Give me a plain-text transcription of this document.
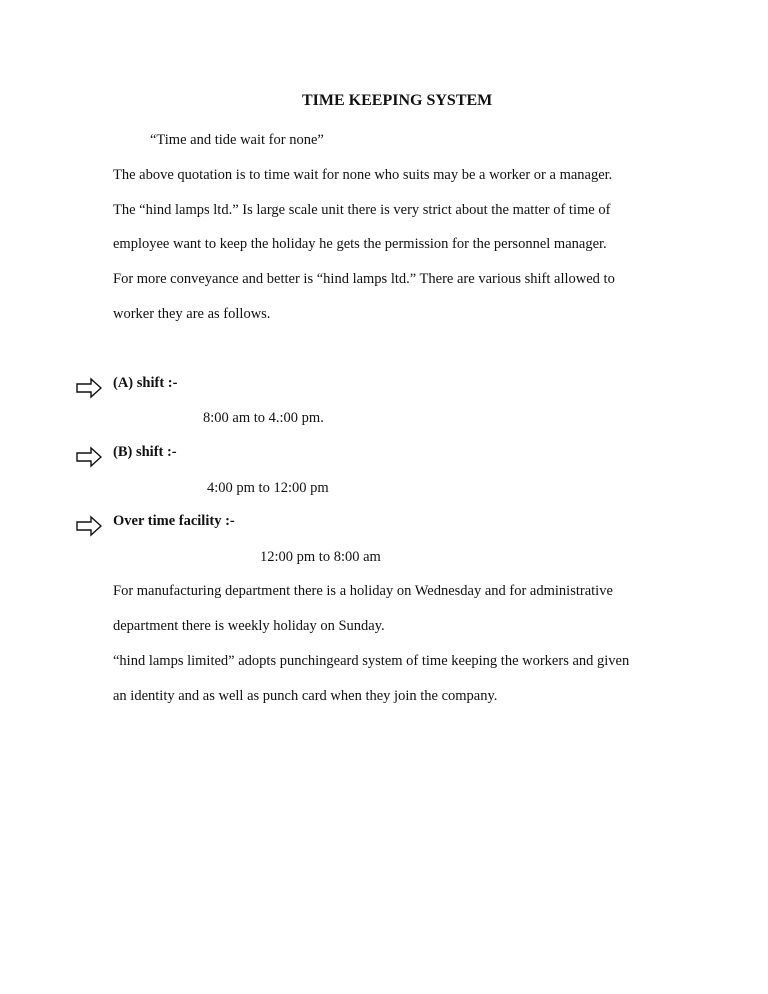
TIME KEEPING SYSTEM
“Time and tide wait for none”
The above quotation is to time wait for none who suits may be a worker or a manager.
The “hind lamps ltd.” Is large scale unit there is very strict about the matter of time of
employee want to keep the holiday he gets the permission for the personnel manager.
For more conveyance and better is “hind lamps ltd.” There are various shift allowed to
worker they are as follows.
(A) shift :-
8:00 am to 4.:00 pm.
(B) shift :-
4:00 pm to 12:00 pm
Over time facility :-
12:00 pm to 8:00 am
For manufacturing department there is a holiday on Wednesday and for administrative
department there is weekly holiday on Sunday.
“hind lamps limited” adopts punchingeard system of time keeping the workers and given
an identity and as well as punch card when they join the company.
